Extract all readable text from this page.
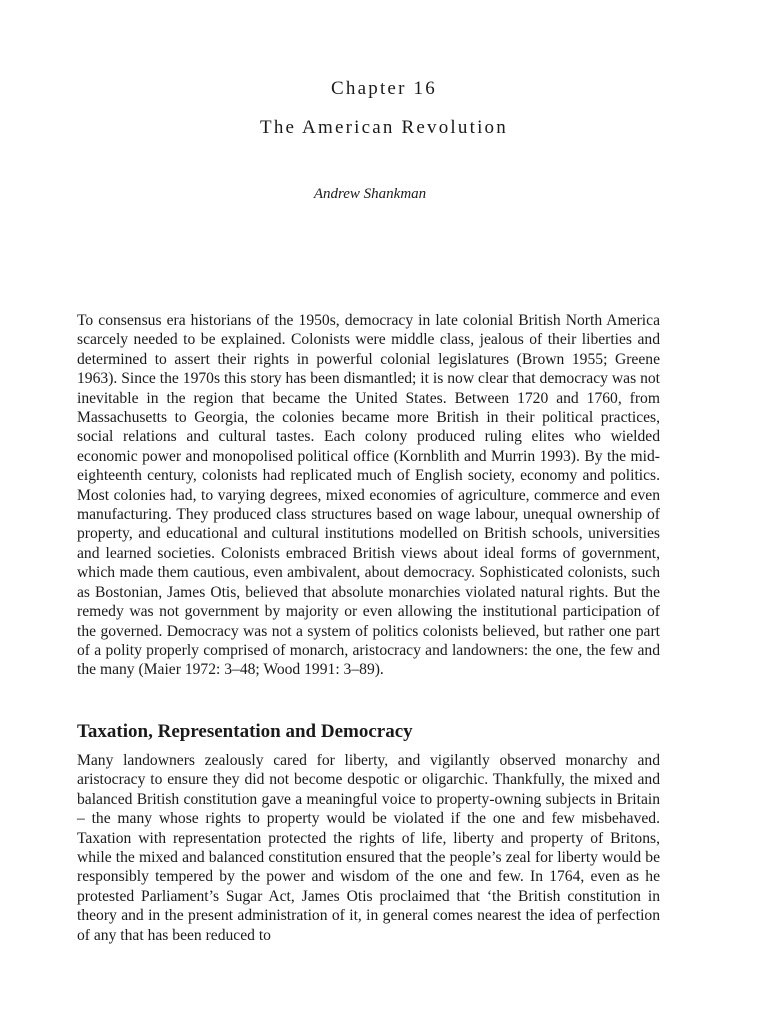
Chapter 16
The American Revolution
Andrew Shankman

To consensus era historians of the 1950s, democracy in late colonial British North America scarcely needed to be explained. Colonists were middle class, jealous of their liberties and determined to assert their rights in powerful colonial legislatures (Brown 1955; Greene 1963). Since the 1970s this story has been dismantled; it is now clear that democracy was not inevitable in the region that became the United States. Between 1720 and 1760, from Massachusetts to Georgia, the colonies became more British in their political practices, social relations and cultural tastes. Each colony produced ruling elites who wielded economic power and monopolised political office (Kornblith and Murrin 1993). By the mid-eighteenth century, colonists had replicated much of English society, economy and politics. Most colonies had, to varying degrees, mixed economies of agriculture, commerce and even manufacturing. They produced class structures based on wage labour, unequal ownership of property, and educational and cultural institutions modelled on British schools, universities and learned societies. Colonists embraced British views about ideal forms of government, which made them cautious, even ambivalent, about democracy. Sophisticated colonists, such as Bostonian, James Otis, believed that absolute monarchies violated natural rights. But the remedy was not government by majority or even allowing the institutional participation of the governed. Democracy was not a system of politics colonists believed, but rather one part of a polity properly comprised of monarch, aristocracy and landowners: the one, the few and the many (Maier 1972: 3–48; Wood 1991: 3–89).

Taxation, Representation and Democracy

Many landowners zealously cared for liberty, and vigilantly observed monarchy and aristocracy to ensure they did not become despotic or oligarchic. Thankfully, the mixed and balanced British constitution gave a meaningful voice to property-owning subjects in Britain – the many whose rights to property would be violated if the one and few misbehaved. Taxation with representation protected the rights of life, liberty and property of Britons, while the mixed and balanced constitution ensured that the people’s zeal for liberty would be responsibly tempered by the power and wisdom of the one and few. In 1764, even as he protested Parliament’s Sugar Act, James Otis proclaimed that ‘the British constitution in theory and in the present administration of it, in general comes nearest the idea of perfection of any that has been reduced to
